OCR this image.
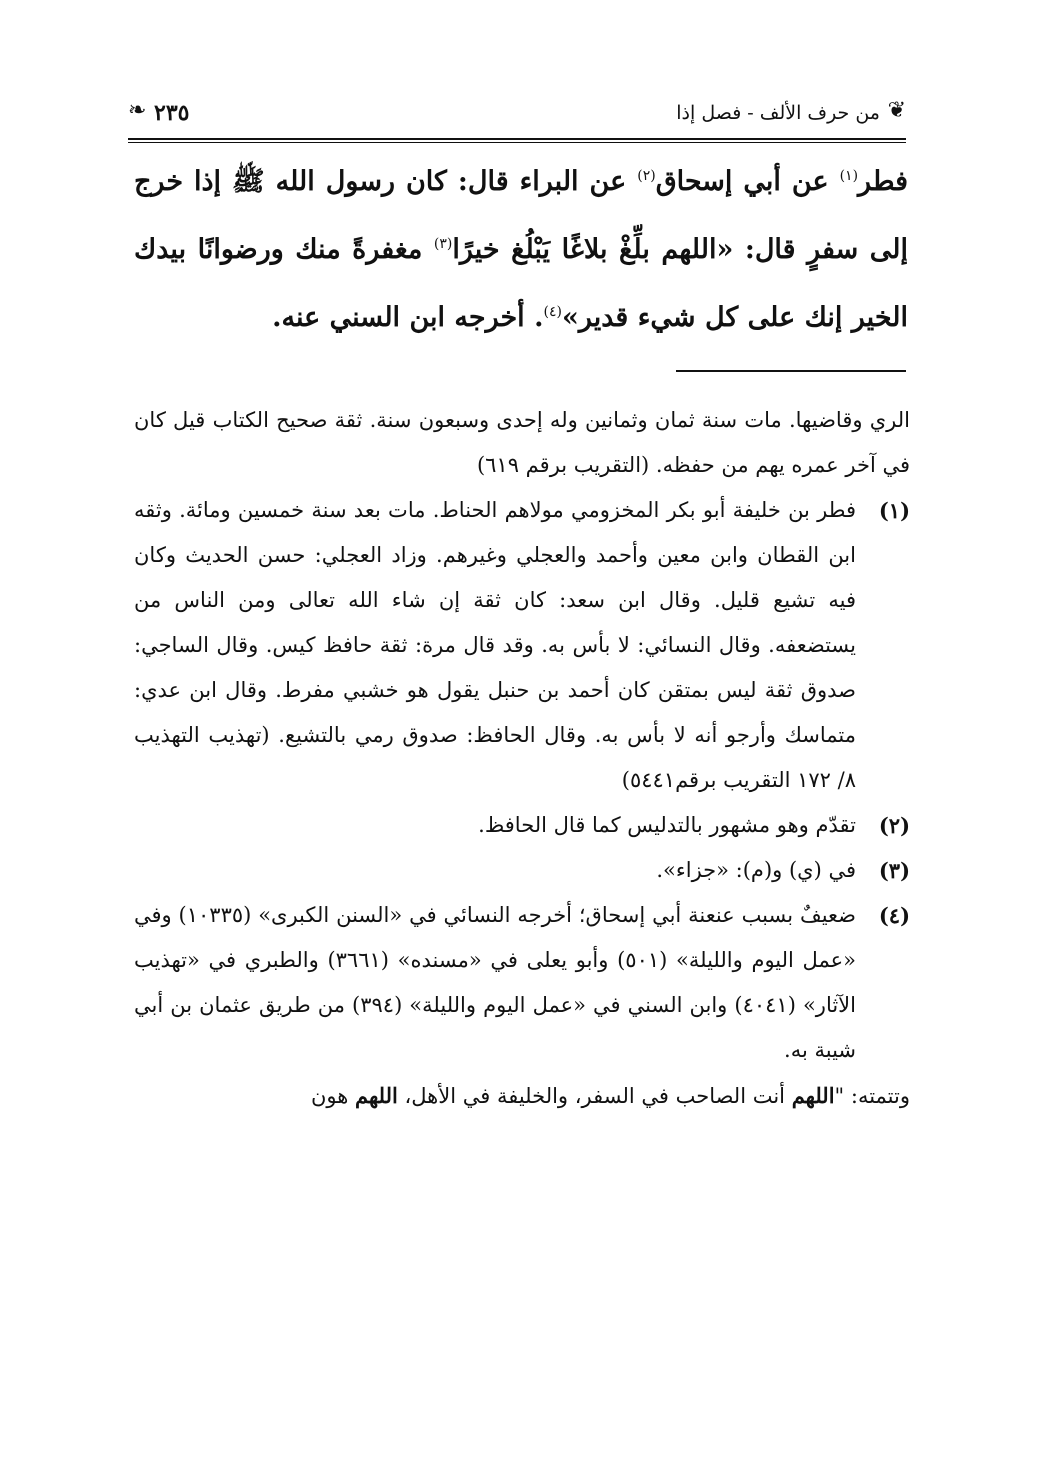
❦
من حرف الألف - فصل إذا
٢٣٥
❧
فطر$^{(١)}$ عن أبي إسحاق$^{(٢)}$ عن البراء قال: كان رسول الله ﷺ إذا خرج إلى سفرٍ قال: «اللهم بلِّغْ بلاغًا يَبْلُغ خيرًا$^{(٣)}$ مغفرةً منك ورضوانًا بيدك الخير إنك على كل شيء قدير»$^{(٤)}$. أخرجه ابن السني عنه.
الري وقاضيها. مات سنة ثمان وثمانين وله إحدى وسبعون سنة. ثقة صحيح الكتاب قيل كان في آخر عمره يهم من حفظه. (التقريب برقم ٦١٩)
(١)
فطر بن خليفة أبو بكر المخزومي مولاهم الحناط. مات بعد سنة خمسين ومائة. وثقه ابن القطان وابن معين وأحمد والعجلي وغيرهم. وزاد العجلي: حسن الحديث وكان فيه تشيع قليل. وقال ابن سعد: كان ثقة إن شاء الله تعالى ومن الناس من يستضعفه. وقال النسائي: لا بأس به. وقد قال مرة: ثقة حافظ كيس. وقال الساجي: صدوق ثقة ليس بمتقن كان أحمد بن حنبل يقول هو خشبي مفرط. وقال ابن عدي: متماسك وأرجو أنه لا بأس به. وقال الحافظ: صدوق رمي بالتشيع. (تهذيب التهذيب ٨/ ١٧٢ التقريب برقم٥٤٤١)
(٢)
تقدّم وهو مشهور بالتدليس كما قال الحافظ.
(٣)
في (ي) و(م): «جزاء».
(٤)
ضعيفٌ بسبب عنعنة أبي إسحاق؛ أخرجه النسائي في «السنن الكبرى» (١٠٣٣٥) وفي «عمل اليوم والليلة» (٥٠١) وأبو يعلى في «مسنده» (٣٦٦١) والطبري في «تهذيب الآثار» (٤٠٤١) وابن السني في «عمل اليوم والليلة» (٣٩٤) من طريق عثمان بن أبي شيبة به.
وتتمته: "اللهم أنت الصاحب في السفر، والخليفة في الأهل، اللهم هون
